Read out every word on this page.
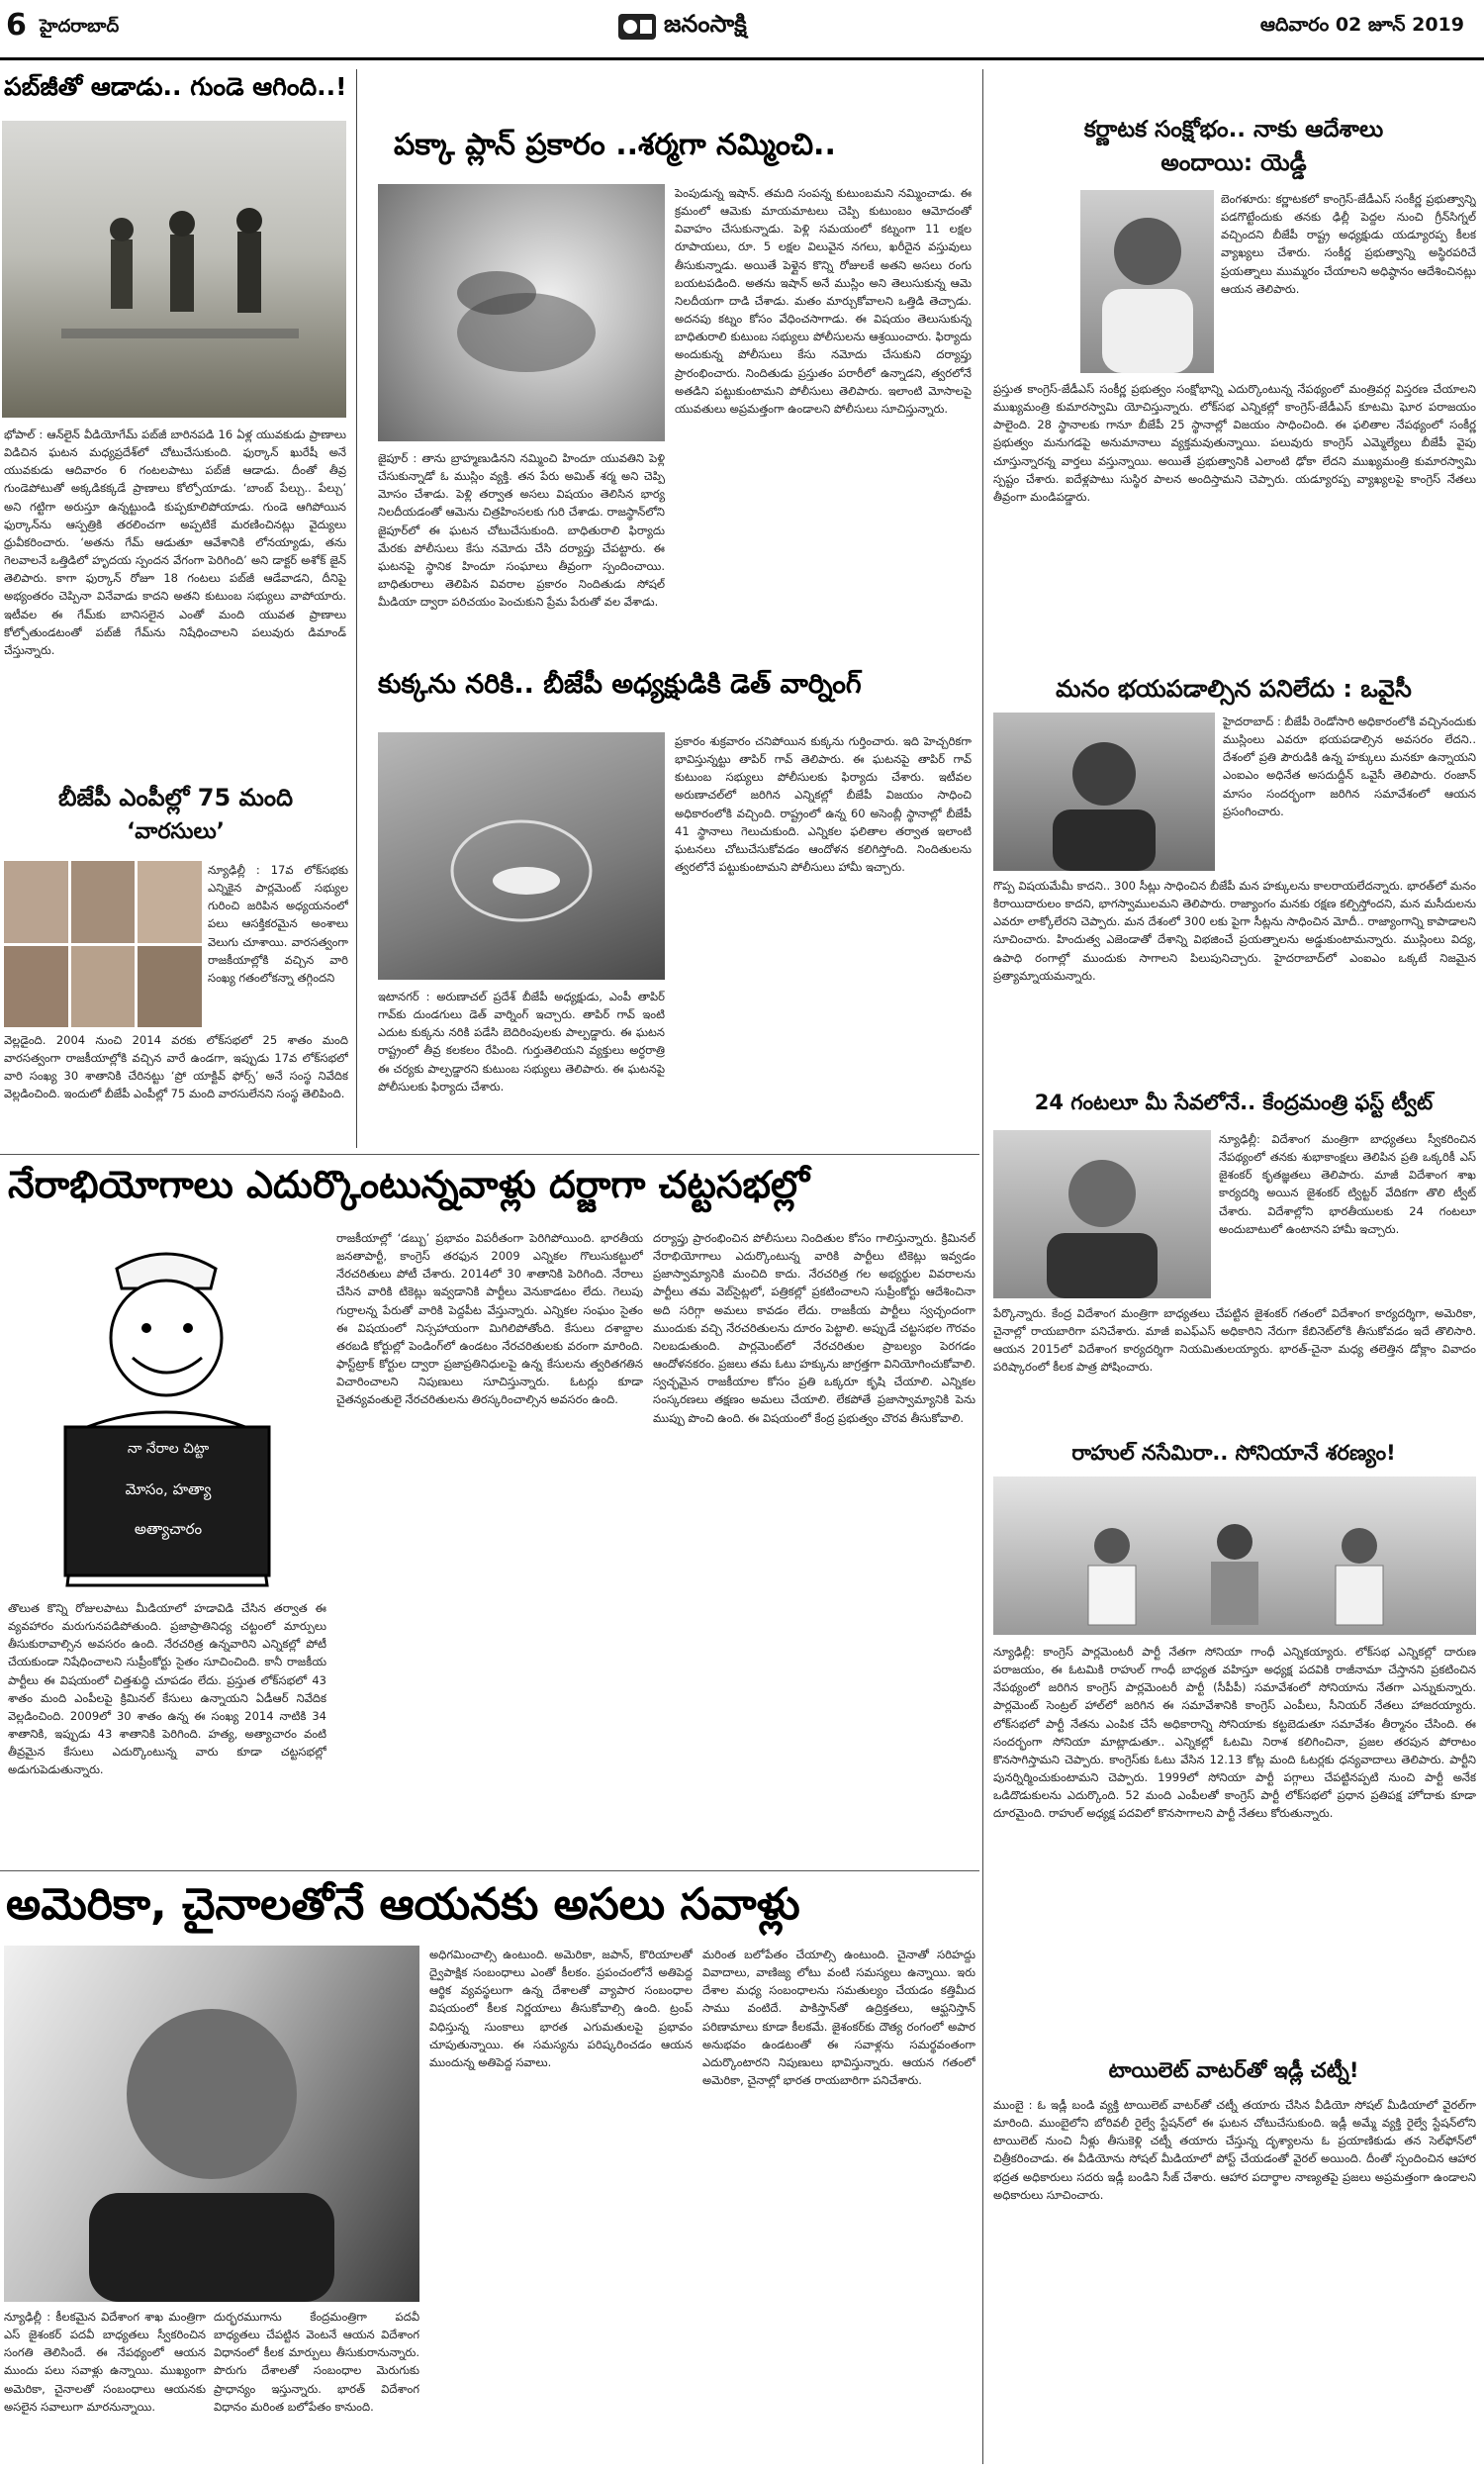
6 హైదరాబాద్	జనంసాక్షి	ఆదివారం 02 జూన్ 2019
పబ్‌జీతో ఆడాడు.. గుండె ఆగింది..!
భోపాల్ : ఆన్‌లైన్ వీడియోగేమ్ పబ్‌జీ బారినపడి 16 ఏళ్ల యువకుడు ప్రాణాలు విడిచిన ఘటన మధ్యప్రదేశ్‌లో చోటుచేసుకుంది. ఫుర్కాన్ ఖురేషీ అనే యువకుడు ఆదివారం 6 గంటలపాటు పబ్‌జీ ఆడాడు. దీంతో తీవ్ర గుండెపోటుతో అక్కడికక్కడే ప్రాణాలు కోల్పోయాడు. ‘బాంబ్ పేల్చు.. పేల్చు’ అని గట్టిగా అరుస్తూ ఉన్నట్టుండి కుప్పకూలిపోయాడు. గుండె ఆగిపోయిన ఫుర్కాన్‌ను ఆస్పత్రికి తరలించగా అప్పటికే మరణించినట్లు వైద్యులు ధ్రువీకరించారు. ‘అతను గేమ్ ఆడుతూ ఆవేశానికి లోనయ్యాడు, తను గెలవాలనే ఒత్తిడిలో హృదయ స్పందన వేగంగా పెరిగింది’ అని డాక్టర్ అశోక్ జైన్ తెలిపారు. కాగా ఫుర్కాన్ రోజూ 18 గంటలు పబ్‌జీ ఆడేవాడని, దీనిపై అభ్యంతరం చెప్పినా వినేవాడు కాదని అతని కుటుంబ సభ్యులు వాపోయారు. ఇటీవల ఈ గేమ్‌కు బానిసలైన ఎంతో మంది యువత ప్రాణాలు కోల్పోతుండటంతో పబ్‌జీ గేమ్‌ను నిషేధించాలని పలువురు డిమాండ్ చేస్తున్నారు.
బీజేపీ ఎంపీల్లో 75 మంది
‘వారసులు’
న్యూఢిల్లీ : 17వ లోక్‌సభకు ఎన్నికైన పార్లమెంట్ సభ్యుల గురించి జరిపిన అధ్యయనంలో పలు ఆసక్తికరమైన అంశాలు వెలుగు చూశాయి. వారసత్వంగా రాజకీయాల్లోకి వచ్చిన వారి సంఖ్య గతంలోకన్నా తగ్గిందని
వెల్లడైంది. 2004 నుంచి 2014 వరకు లోక్‌సభలో 25 శాతం మంది వారసత్వంగా రాజకీయాల్లోకి వచ్చిన వారే ఉండగా, ఇప్పుడు 17వ లోక్‌సభలో వారి సంఖ్య 30 శాతానికి చేరినట్టు ‘ప్రో యాక్టివ్ ఫోర్స్’ అనే సంస్థ నివేదిక వెల్లడించింది. ఇందులో బీజేపీ ఎంపీల్లో 75 మంది వారసులేనని సంస్థ తెలిపింది.
పక్కా ప్లాన్ ప్రకారం ..శర్మగా నమ్మించి..
జైపూర్ : తాను బ్రాహ్మణుడినని నమ్మించి హిందూ యువతిని పెళ్లి చేసుకున్నాడో ఓ ముస్లిం వ్యక్తి. తన పేరు అమిత్ శర్మ అని చెప్పి మోసం చేశాడు. పెళ్లి తర్వాత అసలు విషయం తెలిసిన భార్య నిలదీయడంతో ఆమెను చిత్రహింసలకు గురి చేశాడు. రాజస్థాన్‌లోని జైపూర్‌లో ఈ ఘటన చోటుచేసుకుంది. బాధితురాలి ఫిర్యాదు మేరకు పోలీసులు కేసు నమోదు చేసి దర్యాప్తు చేపట్టారు. ఈ ఘటనపై స్థానిక హిందూ సంఘాలు తీవ్రంగా స్పందించాయి. బాధితురాలు తెలిపిన వివరాల ప్రకారం నిందితుడు సోషల్ మీడియా ద్వారా పరిచయం పెంచుకుని ప్రేమ పేరుతో వల వేశాడు.
పెంపుడున్న ఇషాన్. తమది సంపన్న కుటుంబమని నమ్మించాడు. ఈ క్రమంలో ఆమెకు మాయమాటలు చెప్పి కుటుంబం ఆమోదంతో వివాహం చేసుకున్నాడు. పెళ్లి సమయంలో కట్నంగా 11 లక్షల రూపాయలు, రూ. 5 లక్షల విలువైన నగలు, ఖరీదైన వస్తువులు తీసుకున్నాడు. అయితే పెళ్లైన కొన్ని రోజులకే అతని అసలు రంగు బయటపడింది. అతను ఇషాన్ అనే ముస్లిం అని తెలుసుకున్న ఆమె నిలదీయగా దాడి చేశాడు. మతం మార్చుకోవాలని ఒత్తిడి తెచ్చాడు. అదనపు కట్నం కోసం వేధించసాగాడు. ఈ విషయం తెలుసుకున్న బాధితురాలి కుటుంబ సభ్యులు పోలీసులను ఆశ్రయించారు. ఫిర్యాదు అందుకున్న పోలీసులు కేసు నమోదు చేసుకుని దర్యాప్తు ప్రారంభించారు. నిందితుడు ప్రస్తుతం పరారీలో ఉన్నాడని, త్వరలోనే అతడిని పట్టుకుంటామని పోలీసులు తెలిపారు. ఇలాంటి మోసాలపై యువతులు అప్రమత్తంగా ఉండాలని పోలీసులు సూచిస్తున్నారు.
కుక్కను నరికి.. బీజేపీ అధ్యక్షుడికి డెత్ వార్నింగ్
ఇటానగర్ : అరుణాచల్ ప్రదేశ్ బీజేపీ అధ్యక్షుడు, ఎంపీ తాపిర్ గావ్‌కు దుండగులు డెత్ వార్నింగ్ ఇచ్చారు. తాపిర్ గావ్ ఇంటి ఎదుట కుక్కను నరికి పడేసి బెదిరింపులకు పాల్పడ్డారు. ఈ ఘటన రాష్ట్రంలో తీవ్ర కలకలం రేపింది. గుర్తుతెలియని వ్యక్తులు అర్ధరాత్రి ఈ చర్యకు పాల్పడ్డారని కుటుంబ సభ్యులు తెలిపారు. ఈ ఘటనపై పోలీసులకు ఫిర్యాదు చేశారు.
ప్రకారం శుక్రవారం చనిపోయిన కుక్కను గుర్తించారు. ఇది హెచ్చరికగా భావిస్తున్నట్టు తాపిర్ గావ్ తెలిపారు. ఈ ఘటనపై తాపిర్ గావ్ కుటుంబ సభ్యులు పోలీసులకు ఫిర్యాదు చేశారు. ఇటీవల అరుణాచల్‌లో జరిగిన ఎన్నికల్లో బీజేపీ విజయం సాధించి అధికారంలోకి వచ్చింది. రాష్ట్రంలో ఉన్న 60 అసెంబ్లీ స్థానాల్లో బీజేపీ 41 స్థానాలు గెలుచుకుంది. ఎన్నికల ఫలితాల తర్వాత ఇలాంటి ఘటనలు చోటుచేసుకోవడం ఆందోళన కలిగిస్తోంది. నిందితులను త్వరలోనే పట్టుకుంటామని పోలీసులు హామీ ఇచ్చారు.
కర్ణాటక సంక్షోభం.. నాకు ఆదేశాలు
అందాయి: యెడ్డీ
బెంగళూరు: కర్ణాటకలో కాంగ్రెస్-జేడీఎస్ సంకీర్ణ ప్రభుత్వాన్ని పడగొట్టేందుకు తనకు ఢిల్లీ పెద్దల నుంచి గ్రీన్‌సిగ్నల్ వచ్చిందని బీజేపీ రాష్ట్ర అధ్యక్షుడు యడ్యూరప్ప కీలక వ్యాఖ్యలు చేశారు. సంకీర్ణ ప్రభుత్వాన్ని అస్థిరపరిచే ప్రయత్నాలు ముమ్మరం చేయాలని అధిష్ఠానం ఆదేశించినట్లు ఆయన తెలిపారు.
ప్రస్తుత కాంగ్రెస్-జేడీఎస్ సంకీర్ణ ప్రభుత్వం సంక్షోభాన్ని ఎదుర్కొంటున్న నేపథ్యంలో మంత్రివర్గ విస్తరణ చేయాలని ముఖ్యమంత్రి కుమారస్వామి యోచిస్తున్నారు. లోక్‌సభ ఎన్నికల్లో కాంగ్రెస్-జేడీఎస్ కూటమి ఘోర పరాజయం పాలైంది. 28 స్థానాలకు గానూ బీజేపీ 25 స్థానాల్లో విజయం సాధించింది. ఈ ఫలితాల నేపథ్యంలో సంకీర్ణ ప్రభుత్వం మనుగడపై అనుమానాలు వ్యక్తమవుతున్నాయి. పలువురు కాంగ్రెస్ ఎమ్మెల్యేలు బీజేపీ వైపు చూస్తున్నారన్న వార్తలు వస్తున్నాయి. అయితే ప్రభుత్వానికి ఎలాంటి ఢోకా లేదని ముఖ్యమంత్రి కుమారస్వామి స్పష్టం చేశారు. ఐదేళ్లపాటు సుస్థిర పాలన అందిస్తామని చెప్పారు. యడ్యూరప్ప వ్యాఖ్యలపై కాంగ్రెస్ నేతలు తీవ్రంగా మండిపడ్డారు.
మనం భయపడాల్సిన పనిలేదు : ఒవైసీ
హైదరాబాద్ : బీజేపీ రెండోసారి అధికారంలోకి వచ్చినందుకు ముస్లింలు ఎవరూ భయపడాల్సిన అవసరం లేదని.. దేశంలో ప్రతి పౌరుడికి ఉన్న హక్కులు మనకూ ఉన్నాయని ఎంఐఎం అధినేత అసదుద్దీన్ ఒవైసీ తెలిపారు. రంజాన్ మాసం సందర్భంగా జరిగిన సమావేశంలో ఆయన ప్రసంగించారు.
గొప్ప విషయమేమీ కాదని.. 300 సీట్లు సాధించిన బీజేపీ మన హక్కులను కాలరాయలేదన్నారు. భారత్‌లో మనం కిరాయిదారులం కాదని, భాగస్వాములమని తెలిపారు. రాజ్యాంగం మనకు రక్షణ కల్పిస్తోందని, మన మసీదులను ఎవరూ లాక్కోలేరని చెప్పారు. మన దేశంలో 300 లకు పైగా సీట్లను సాధించిన మోదీ.. రాజ్యాంగాన్ని కాపాడాలని సూచించారు. హిందుత్వ ఎజెండాతో దేశాన్ని విభజించే ప్రయత్నాలను అడ్డుకుంటామన్నారు. ముస్లింలు విద్య, ఉపాధి రంగాల్లో ముందుకు సాగాలని పిలుపునిచ్చారు. హైదరాబాద్‌లో ఎంఐఎం ఒక్కటే నిజమైన ప్రత్యామ్నాయమన్నారు.
24 గంటలూ మీ సేవలోనే.. కేంద్రమంత్రి ఫస్ట్ ట్వీట్
న్యూఢిల్లీ: విదేశాంగ మంత్రిగా బాధ్యతలు స్వీకరించిన నేపథ్యంలో తనకు శుభాకాంక్షలు తెలిపిన ప్రతి ఒక్కరికీ ఎస్ జైశంకర్ కృతజ్ఞతలు తెలిపారు. మాజీ విదేశాంగ శాఖ కార్యదర్శి అయిన జైశంకర్ ట్విట్టర్ వేదికగా తొలి ట్వీట్ చేశారు. విదేశాల్లోని భారతీయులకు 24 గంటలూ అందుబాటులో ఉంటానని హామీ ఇచ్చారు.
పేర్కొన్నారు. కేంద్ర విదేశాంగ మంత్రిగా బాధ్యతలు చేపట్టిన జైశంకర్ గతంలో విదేశాంగ కార్యదర్శిగా, అమెరికా, చైనాల్లో రాయబారిగా పనిచేశారు. మాజీ ఐఎఫ్ఎస్ అధికారిని నేరుగా కేబినెట్‌లోకి తీసుకోవడం ఇదే తొలిసారి. ఆయన 2015లో విదేశాంగ కార్యదర్శిగా నియమితులయ్యారు. భారత్-చైనా మధ్య తలెత్తిన డోక్లాం వివాదం పరిష్కారంలో కీలక పాత్ర పోషించారు.
రాహుల్ నసేమిరా.. సోనియానే శరణ్యం!
న్యూఢిల్లీ: కాంగ్రెస్ పార్లమెంటరీ పార్టీ నేతగా సోనియా గాంధీ ఎన్నికయ్యారు. లోక్‌సభ ఎన్నికల్లో దారుణ పరాజయం, ఈ ఓటమికి రాహుల్ గాంధీ బాధ్యత వహిస్తూ అధ్యక్ష పదవికి రాజీనామా చేస్తానని ప్రకటించిన నేపథ్యంలో జరిగిన కాంగ్రెస్ పార్లమెంటరీ పార్టీ (సీపీపీ) సమావేశంలో సోనియాను నేతగా ఎన్నుకున్నారు. పార్లమెంట్ సెంట్రల్ హాల్‌లో జరిగిన ఈ సమావేశానికి కాంగ్రెస్ ఎంపీలు, సీనియర్ నేతలు హాజరయ్యారు. లోక్‌సభలో పార్టీ నేతను ఎంపిక చేసే అధికారాన్ని సోనియాకు కట్టబెడుతూ సమావేశం తీర్మానం చేసింది. ఈ సందర్భంగా సోనియా మాట్లాడుతూ.. ఎన్నికల్లో ఓటమి నిరాశ కలిగించినా, ప్రజల తరపున పోరాటం కొనసాగిస్తామని చెప్పారు. కాంగ్రెస్‌కు ఓటు వేసిన 12.13 కోట్ల మంది ఓటర్లకు ధన్యవాదాలు తెలిపారు. పార్టీని పునర్నిర్మించుకుంటామని చెప్పారు. 1999లో సోనియా పార్టీ పగ్గాలు చేపట్టినప్పటి నుంచి పార్టీ అనేక ఒడిదొడుకులను ఎదుర్కొంది. 52 మంది ఎంపీలతో కాంగ్రెస్ పార్టీ లోక్‌సభలో ప్రధాన ప్రతిపక్ష హోదాకు కూడా దూరమైంది. రాహుల్ అధ్యక్ష పదవిలో కొనసాగాలని పార్టీ నేతలు కోరుతున్నారు.
టాయిలెట్ వాటర్‌తో ఇడ్లీ చట్నీ!
ముంబై : ఓ ఇడ్లీ బండి వ్యక్తి టాయిలెట్ వాటర్‌తో చట్నీ తయారు చేసిన వీడియో సోషల్ మీడియాలో వైరల్‌గా మారింది. ముంబైలోని బోరివలీ రైల్వే స్టేషన్‌లో ఈ ఘటన చోటుచేసుకుంది. ఇడ్లీ అమ్మే వ్యక్తి రైల్వే స్టేషన్‌లోని టాయిలెట్ నుంచి నీళ్లు తీసుకెళ్లి చట్నీ తయారు చేస్తున్న దృశ్యాలను ఓ ప్రయాణికుడు తన సెల్‌ఫోన్‌లో చిత్రీకరించాడు. ఈ వీడియోను సోషల్ మీడియాలో పోస్ట్ చేయడంతో వైరల్ అయింది. దీంతో స్పందించిన ఆహార భద్రత అధికారులు సదరు ఇడ్లీ బండిని సీజ్ చేశారు. ఆహార పదార్థాల నాణ్యతపై ప్రజలు అప్రమత్తంగా ఉండాలని అధికారులు సూచించారు.
నేరాభియోగాలు ఎదుర్కొంటున్నవాళ్లు దర్జాగా చట్టసభల్లో
నా నేరాల చిట్టా
మోసం, హత్యా
అత్యాచారం
తొలుత కొన్ని రోజులపాటు మీడియాలో హడావిడి చేసిన తర్వాత ఈ వ్యవహారం మరుగునపడిపోతుంది. ప్రజాప్రాతినిధ్య చట్టంలో మార్పులు తీసుకురావాల్సిన అవసరం ఉంది. నేరచరిత్ర ఉన్నవారిని ఎన్నికల్లో పోటీ చేయకుండా నిషేధించాలని సుప్రీంకోర్టు సైతం సూచించింది. కానీ రాజకీయ పార్టీలు ఈ విషయంలో చిత్తశుద్ధి చూపడం లేదు. ప్రస్తుత లోక్‌సభలో 43 శాతం మంది ఎంపీలపై క్రిమినల్ కేసులు ఉన్నాయని ఏడీఆర్ నివేదిక వెల్లడించింది. 2009లో 30 శాతం ఉన్న ఈ సంఖ్య 2014 నాటికి 34 శాతానికి, ఇప్పుడు 43 శాతానికి పెరిగింది. హత్య, అత్యాచారం వంటి తీవ్రమైన కేసులు ఎదుర్కొంటున్న వారు కూడా చట్టసభల్లో అడుగుపెడుతున్నారు.
రాజకీయాల్లో ‘డబ్బు’ ప్రభావం విపరీతంగా పెరిగిపోయింది. భారతీయ జనతాపార్టీ, కాంగ్రెస్ తరఫున 2009 ఎన్నికల గొలుసుకట్టులో నేరచరితులు పోటీ చేశారు. 2014లో 30 శాతానికి పెరిగింది. నేరాలు చేసిన వారికి టికెట్లు ఇవ్వడానికి పార్టీలు వెనుకాడటం లేదు. గెలుపు గుర్రాలన్న పేరుతో వారికి పెద్దపీట వేస్తున్నారు. ఎన్నికల సంఘం సైతం ఈ విషయంలో నిస్సహాయంగా మిగిలిపోతోంది. కేసులు దశాబ్దాల తరబడి కోర్టుల్లో పెండింగ్‌లో ఉండటం నేరచరితులకు వరంగా మారింది. ఫాస్ట్‌ట్రాక్ కోర్టుల ద్వారా ప్రజాప్రతినిధులపై ఉన్న కేసులను త్వరితగతిన విచారించాలని నిపుణులు సూచిస్తున్నారు. ఓటర్లు కూడా చైతన్యవంతులై నేరచరితులను తిరస్కరించాల్సిన అవసరం ఉంది.
దర్యాప్తు ప్రారంభించిన పోలీసులు నిందితుల కోసం గాలిస్తున్నారు. క్రిమినల్ నేరాభియోగాలు ఎదుర్కొంటున్న వారికి పార్టీలు టికెట్లు ఇవ్వడం ప్రజాస్వామ్యానికి మంచిది కాదు. నేరచరిత్ర గల అభ్యర్థుల వివరాలను పార్టీలు తమ వెబ్‌సైట్లలో, పత్రికల్లో ప్రకటించాలని సుప్రీంకోర్టు ఆదేశించినా అది సరిగ్గా అమలు కావడం లేదు. రాజకీయ పార్టీలు స్వచ్ఛందంగా ముందుకు వచ్చి నేరచరితులను దూరం పెట్టాలి. అప్పుడే చట్టసభల గౌరవం నిలబడుతుంది. పార్లమెంట్‌లో నేరచరితుల ప్రాబల్యం పెరగడం ఆందోళనకరం. ప్రజలు తమ ఓటు హక్కును జాగ్రత్తగా వినియోగించుకోవాలి. స్వచ్ఛమైన రాజకీయాల కోసం ప్రతి ఒక్కరూ కృషి చేయాలి. ఎన్నికల సంస్కరణలు తక్షణం అమలు చేయాలి. లేకపోతే ప్రజాస్వామ్యానికి పెను ముప్పు పొంచి ఉంది. ఈ విషయంలో కేంద్ర ప్రభుత్వం చొరవ తీసుకోవాలి.
అమెరికా, చైనాలతోనే ఆయనకు అసలు సవాళ్లు
న్యూఢిల్లీ : కీలకమైన విదేశాంగ శాఖ మంత్రిగా ఎస్ జైశంకర్ పదవీ బాధ్యతలు స్వీకరించిన సంగతి తెలిసిందే. ఈ నేపథ్యంలో ఆయన ముందు పలు సవాళ్లు ఉన్నాయి. ముఖ్యంగా అమెరికా, చైనాలతో సంబంధాలు ఆయనకు అసలైన సవాలుగా మారనున్నాయి.
దుర్భరముగాను కేంద్రమంత్రిగా పదవీ బాధ్యతలు చేపట్టిన వెంటనే ఆయన విదేశాంగ విధానంలో కీలక మార్పులు తీసుకురానున్నారు. పొరుగు దేశాలతో సంబంధాల మెరుగుకు ప్రాధాన్యం ఇస్తున్నారు. భారత్ విదేశాంగ విధానం మరింత బలోపేతం కానుంది.
అధిగమించాల్సి ఉంటుంది. అమెరికా, జపాన్, కొరియాలతో ద్వైపాక్షిక సంబంధాలు ఎంతో కీలకం. ప్రపంచంలోనే అతిపెద్ద ఆర్థిక వ్యవస్థలుగా ఉన్న దేశాలతో వ్యాపార సంబంధాల విషయంలో కీలక నిర్ణయాలు తీసుకోవాల్సి ఉంది. ట్రంప్ విధిస్తున్న సుంకాలు భారత ఎగుమతులపై ప్రభావం చూపుతున్నాయి. ఈ సమస్యను పరిష్కరించడం ఆయన ముందున్న అతిపెద్ద సవాలు.
మరింత బలోపేతం చేయాల్సి ఉంటుంది. చైనాతో సరిహద్దు వివాదాలు, వాణిజ్య లోటు వంటి సమస్యలు ఉన్నాయి. ఇరు దేశాల మధ్య సంబంధాలను సమతుల్యం చేయడం కత్తిమీద సాము వంటిదే. పాకిస్తాన్‌తో ఉద్రిక్తతలు, ఆఫ్ఘనిస్తాన్ పరిణామాలు కూడా కీలకమే. జైశంకర్‌కు దౌత్య రంగంలో అపార అనుభవం ఉండటంతో ఈ సవాళ్లను సమర్థవంతంగా ఎదుర్కొంటారని నిపుణులు భావిస్తున్నారు. ఆయన గతంలో అమెరికా, చైనాల్లో భారత రాయబారిగా పనిచేశారు.
